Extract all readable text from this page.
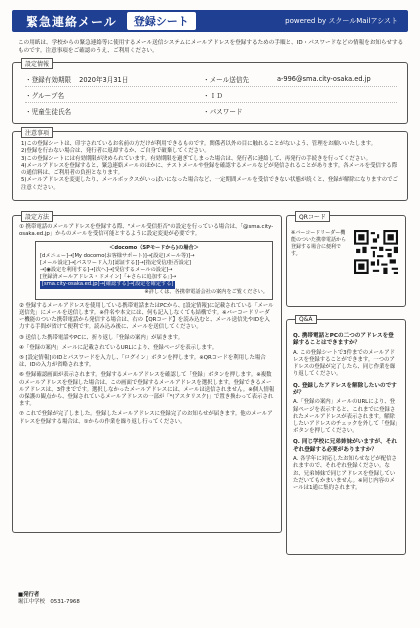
緊急連絡メール	登録シート	powered by スクールMailアシスト
この用紙は、学校からの緊急連絡等に使用するメール送信システムにメールアドレスを登録するための手順と、ID・パスワードなどの情報をお知らせするものです。注意事項をご確認のうえ、ご利用ください。
設定情報
・登録有効期限 2020年3月31日	・メール送信先	a-996@sma.city-osaka.ed.jp
・グループ名	・ＩＤ
・児童生徒氏名	・パスワード
注意事項
1)この登録シートは、印字されているお名前の方だけが利用できるものです。関係者以外の目に触れることがないよう、管理をお願いいたします。
2)登録を行わない場合は、発行者に返却するか、ご自身で破棄してください。
3)この登録シートには有効期限が決められています。有効期限を過ぎてしまった場合は、発行者に連絡して、再発行の手続きを行ってください。
4)メールアドレスを登録すると、緊急連絡メールのほかに、テストメールや登録を確認するメールなどが発信されることがあります。各メールを受信する際の通信料は、ご利用者の負担となります。
5)メールアドレスを変更したり、メールボックスがいっぱいになった場合など、一定期間メールを受信できない状態が続くと、登録が解除になりますのでご注意ください。
設定方法
① 携帯電話のメールアドレスを登録する際、"メール受信拒否"の設定を行っている場合は、「@sma.city-osaka.ed.jp」からのメールを受信可能とするように設定変更が必要です。
＜docomo（SPモードから)の場合＞
[dメニュー]→[My docomo(お客様サポート)]→[設定(メール等)]→
[メール設定]→[パスワード入力[認証する]]→[指定受信/拒否設定]
→[◉設定を利用する]→[次へ]→[受信するメールの設定]→
[登録済メールアドレス・ドメイン]「+さらに追加する」]→
[sma.city-osaka.ed.jp]→[確認する]→[設定を確定する]
※詳しくは、各携帯電話会社の案内をご覧ください。
② 登録するメールアドレスを使用している携帯電話またはPCから、[設定情報]に記載されている「メール送信先」にメールを送信します。※件名や本文には、何も記入しなくても結構です。※バーコードリーダー機能のついた携帯電話から発信する場合は、右の【QRコード】を読み込むと、メール送信先やIDを入力する手間が省けて便利です。読み込み後に、メールを送信してください。
③ 送信した携帯電話やPCに、折り返し「登録の案内」が届きます。
④「登録の案内」メールに記載されているURLにより、登録ページを表示します。
⑤ [設定情報]のIDとパスワードを入力し、「ログイン」ボタンを押します。※QRコードを利用した場合は、IDの入力が省略されます。
⑥ 登録確認画面が表示されます。登録するメールアドレスを確認して「登録」ボタンを押します。※複数のメールアドレスを登録した場合は、この画面で登録するメールアドレスを選択します。登録できるメールアドレスは、3件までです。選択しなかったメールアドレスには、メールは送信されません。※個人情報の保護の観点から、登録されているメールアドレスの一部が「*(アスタリスク)」で置き換わって表示されます。
⑦ これで登録が完了しました。登録したメールアドレスに登録完了のお知らせが届きます。他のメールアドレスを登録する場合は、①からの作業を繰り返し行ってください。
QRコード
※バーコードリーダー機能のついた携帯電話から登録する場合に便利です。
Q&A
Q. 携帯電話とPCの二つのアドレスを登録することはできますか？
A. この登録シートで3件までのメールアドレスを登録することができます。一つのアドレスの登録が完了したら、同じ作業を繰り返してください。
Q. 登録したアドレスを解除したいのですが？
A.「登録の案内」メールのURLにより、登録ページを表示すると、これまでに登録されたメールアドレスが表示されます。解除したいアドレスのチェックを外して「登録」ボタンを押してください。
Q. 同じ学校に兄弟姉妹がいますが、それぞれ登録する必要がありますか？
A. 各学年に対応したお知らせなどが配信されますので、それぞれ登録ください。なお、兄弟姉妹で同じアドレスを登録していただいてもかまいません。※同じ内容のメールは1通に集約されます。
■発行者
堀江中学校　 0531-7968
